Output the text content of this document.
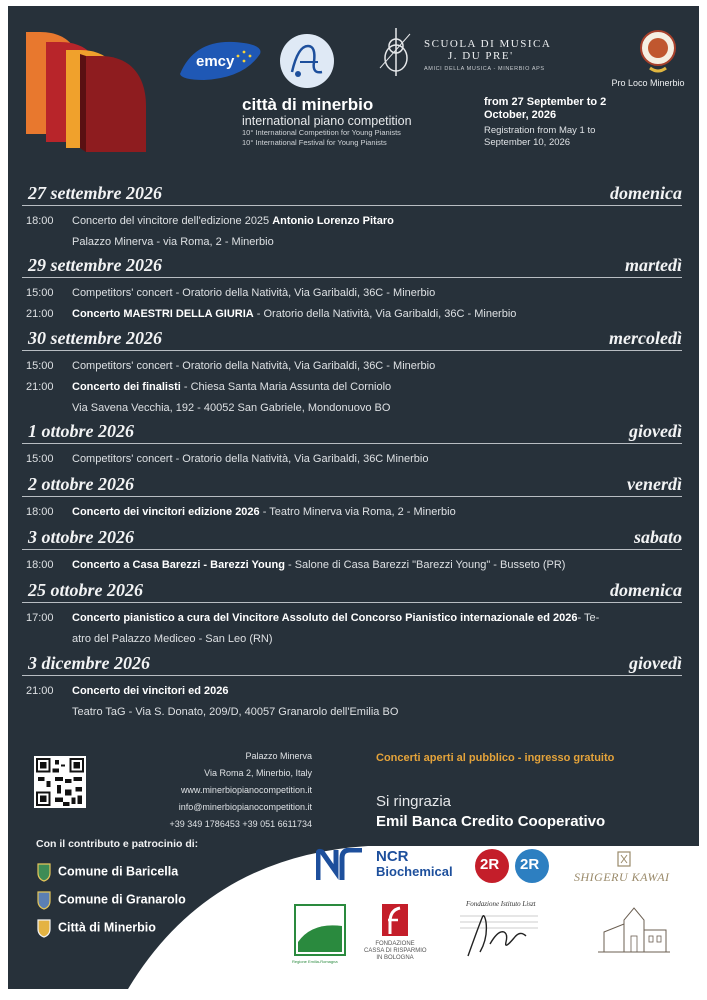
emcy
SCUOLA DI MUSICA
J. DU PRE'
AMICI DELLA MUSICA - MINERBIO APS
Pro Loco Minerbio
città di minerbio
international piano competition
10° International Competition for Young Pianists
10° International Festival for Young Pianists
from 27 September to 2 October, 2026
Registration from May 1 to September 10, 2026
27 settembre 2026	domenica
18:00 Concerto del vincitore dell'edizione 2025 Antonio Lorenzo Pitaro
Palazzo Minerva - via Roma, 2 - Minerbio
29 settembre 2026	martedì
15:00 Competitors' concert - Oratorio della Natività, Via Garibaldi, 36C - Minerbio
21:00 Concerto MAESTRI DELLA GIURIA - Oratorio della Natività, Via Garibaldi, 36C - Minerbio
30 settembre 2026	mercoledì
15:00 Competitors' concert - Oratorio della Natività, Via Garibaldi, 36C - Minerbio
21:00 Concerto dei finalisti - Chiesa Santa Maria Assunta del Corniolo
Via Savena Vecchia, 192 - 40052 San Gabriele, Mondonuovo BO
1 ottobre 2026	giovedì
15:00 Competitors' concert - Oratorio della Natività, Via Garibaldi, 36C Minerbio
2 ottobre 2026	venerdì
18:00 Concerto dei vincitori edizione 2026 - Teatro Minerva via Roma, 2 - Minerbio
3 ottobre 2026	sabato
18:00 Concerto a Casa Barezzi - Barezzi Young - Salone di Casa Barezzi "Barezzi Young" - Busseto (PR)
25 ottobre 2026	domenica
17:00 Concerto pianistico a cura del Vincitore Assoluto del Concorso Pianistico internazionale ed 2026- Te-
atro del Palazzo Mediceo - San Leo (RN)
3 dicembre 2026	giovedì
21:00 Concerto dei vincitori ed 2026
Teatro TaG - Via S. Donato, 209/D, 40057 Granarolo dell'Emilia BO
Palazzo Minerva
Via Roma 2, Minerbio, Italy
www.minerbiopianocompetition.it
info@minerbiopianocompetition.it
+39 349 1786453 +39 051 6611734
Concerti aperti al pubblico - ingresso gratuito
Si ringrazia
Emil Banca Credito Cooperativo
Con il contributo e patrocinio di:
Comune di Baricella
Comune di Granarolo
Città di Minerbio
NCR
Biochemical 2R 2R
SHIGERU KAWAI
Regione Emilia-Romagna
FONDAZIONE
CASSA DI RISPARMIO
IN BOLOGNA
Fondazione Istituto Liszt
